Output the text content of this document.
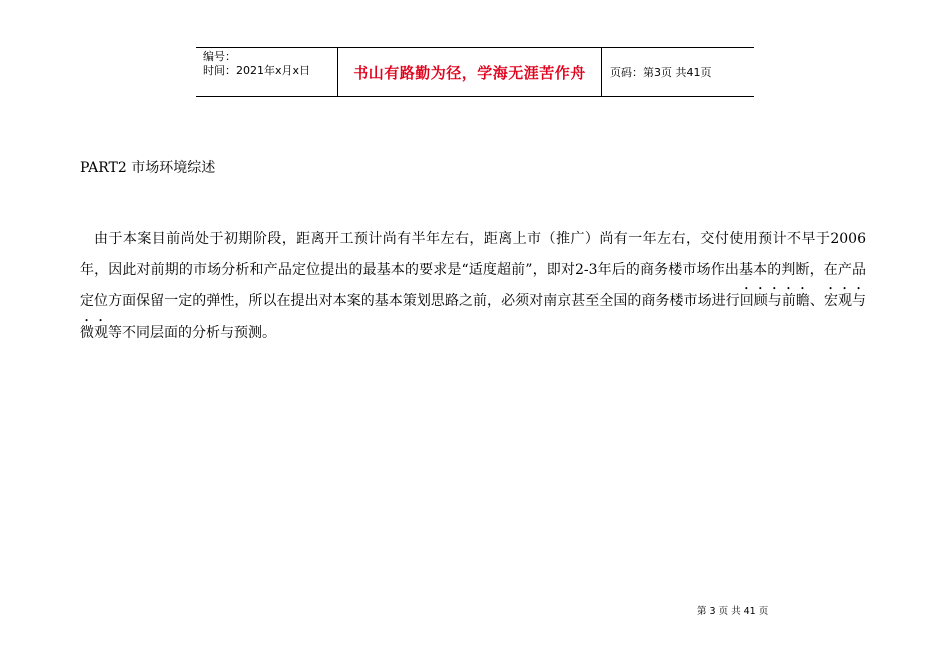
编号：
时间：2021年x月x日	书山有路勤为径，学海无涯苦作舟 页码：第3页 共41页
PART2 市场环境综述

由于本案目前尚处于初期阶段，距离开工预计尚有半年左右，距离上市（推广）尚有一年左右，交付使用预计不早于2006年，因此对前期的市场分析和产品定位提出的最基本的要求是“适度超前”，即对2-3年后的商务楼市场作出基本的判断，在产品定位方面保留一定的弹性，所以在提出对本案的基本策划思路之前，必须对南京甚至全国的商务楼市场进行回顾与前瞻、宏观与微观等不同层面的分析与预测。

第 3 页 共 41 页
